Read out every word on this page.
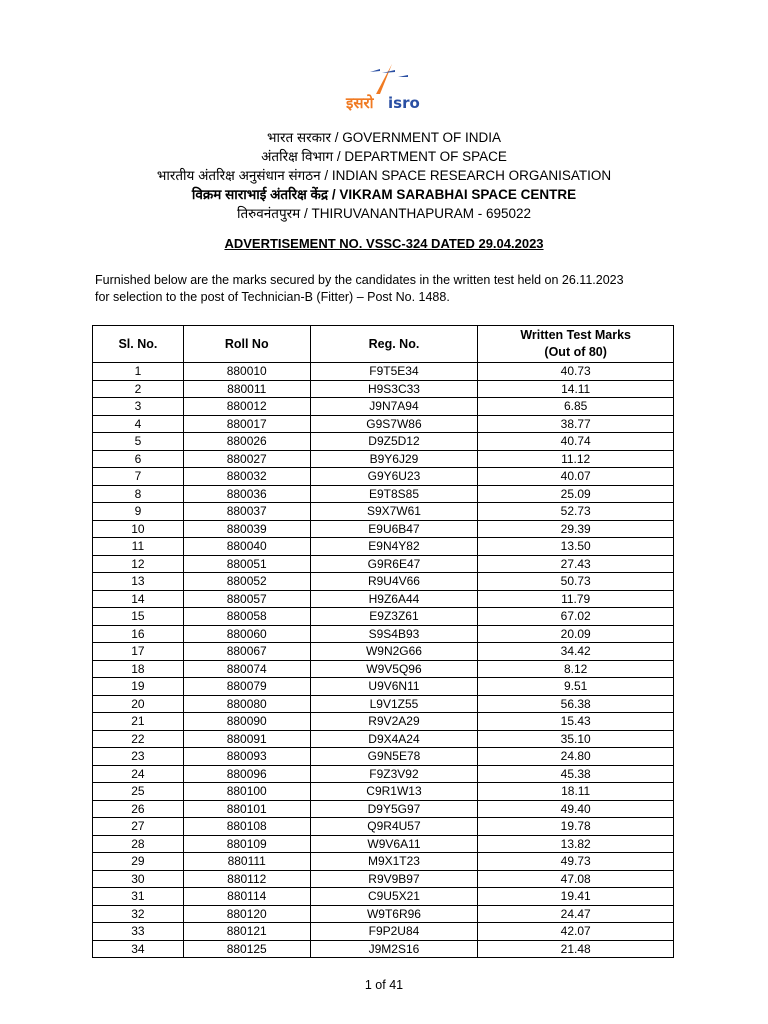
इसरो isro
भारत सरकार / GOVERNMENT OF INDIA
अंतरिक्ष विभाग / DEPARTMENT OF SPACE
भारतीय अंतरिक्ष अनुसंधान संगठन / INDIAN SPACE RESEARCH ORGANISATION
विक्रम साराभाई अंतरिक्ष केंद्र / VIKRAM SARABHAI SPACE CENTRE
तिरुवनंतपुरम / THIRUVANANTHAPURAM - 695022
ADVERTISEMENT NO. VSSC-324 DATED 29.04.2023
Furnished below are the marks secured by the candidates in the written test held on 26.11.2023
for selection to the post of Technician-B (Fitter) – Post No. 1488.
Sl. No.	Roll No	Reg. No.	Written Test Marks
(Out of 80)

1	880010	F9T5E34	40.73
2	880011	H9S3C33	14.11
3	880012	J9N7A94	6.85
4	880017	G9S7W86	38.77
5	880026	D9Z5D12	40.74
6	880027	B9Y6J29	11.12
7	880032	G9Y6U23	40.07
8	880036	E9T8S85	25.09
9	880037	S9X7W61	52.73
10	880039	E9U6B47	29.39
11	880040	E9N4Y82	13.50
12	880051	G9R6E47	27.43
13	880052	R9U4V66	50.73
14	880057	H9Z6A44	11.79
15	880058	E9Z3Z61	67.02
16	880060	S9S4B93	20.09
17	880067	W9N2G66	34.42
18	880074	W9V5Q96	8.12
19	880079	U9V6N11	9.51
20	880080	L9V1Z55	56.38
21	880090	R9V2A29	15.43
22	880091	D9X4A24	35.10
23	880093	G9N5E78	24.80
24	880096	F9Z3V92	45.38
25	880100	C9R1W13	18.11
26	880101	D9Y5G97	49.40
27	880108	Q9R4U57	19.78
28	880109	W9V6A11	13.82
29	880111	M9X1T23	49.73
30	880112	R9V9B97	47.08
31	880114	C9U5X21	19.41
32	880120	W9T6R96	24.47
33	880121	F9P2U84	42.07
34	880125	J9M2S16	21.48
1 of 41
